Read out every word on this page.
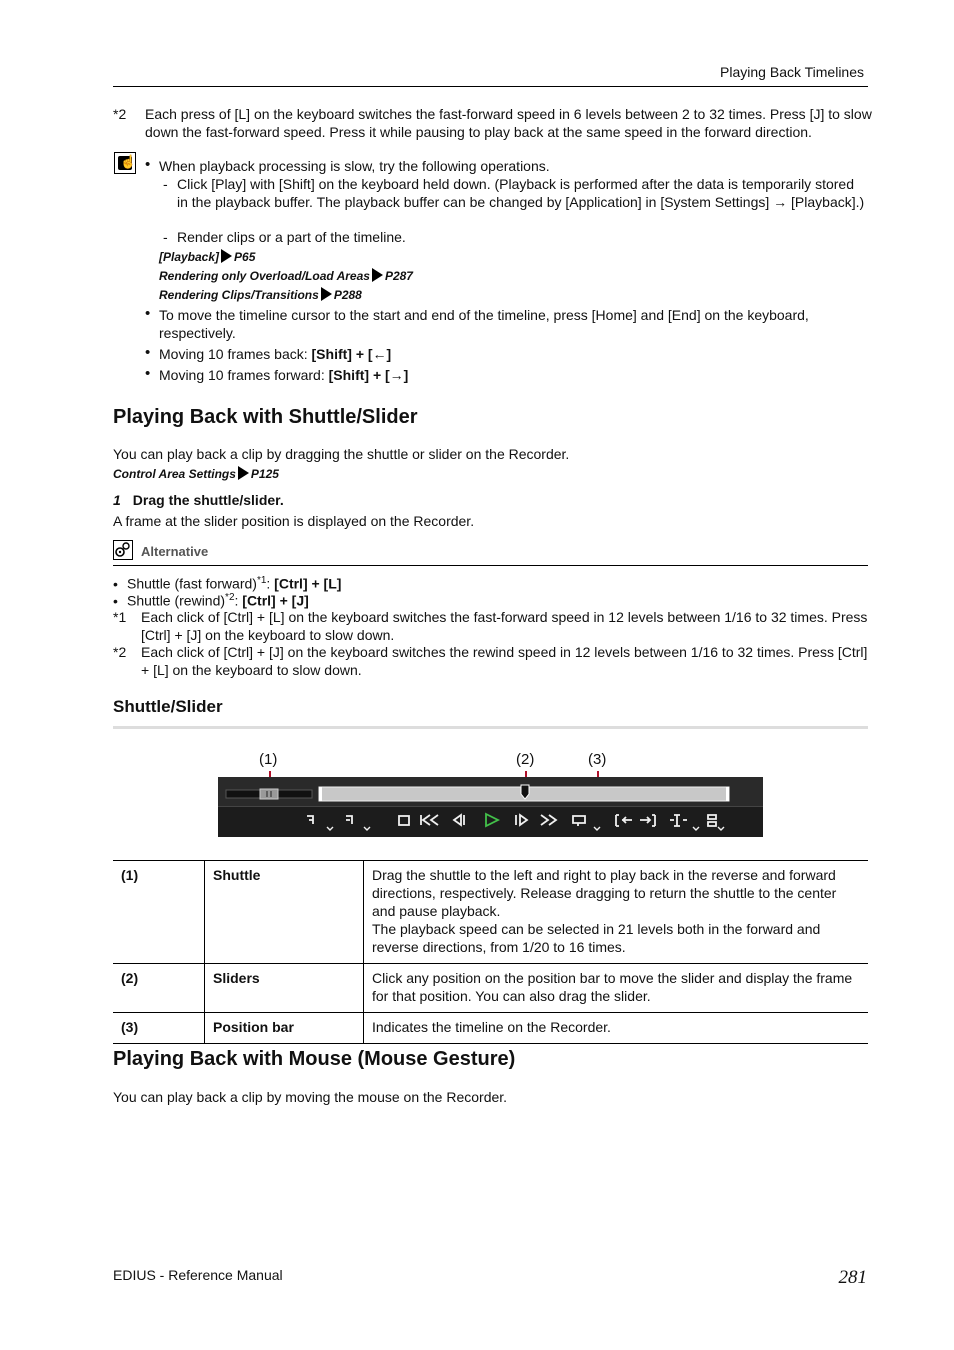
Playing Back Timelines
*2 Each press of [L] on the keyboard switches the fast-forward speed in 6 levels between 2 to 32 times. Press [J] to slow down the fast-forward speed. Press it while pausing to play back at the same speed in the forward direction.
☝
• When playback processing is slow, try the following operations.
- Click [Play] with [Shift] on the keyboard held down. (Playback is performed after the data is temporarily stored in the playback buffer. The playback buffer can be changed by [Application] in [System Settings] → [Playback].)
- Render clips or a part of the timeline.
[Playback] P65
Rendering only Overload/Load Areas P287
Rendering Clips/Transitions P288
• To move the timeline cursor to the start and end of the timeline, press [Home] and [End] on the keyboard, respectively.
• Moving 10 frames back: [Shift] + [←]
• Moving 10 frames forward: [Shift] + [→]
Playing Back with Shuttle/Slider
You can play back a clip by dragging the shuttle or slider on the Recorder.
Control Area Settings P125
1 Drag the shuttle/slider.
A frame at the slider position is displayed on the Recorder.
Alternative
• Shuttle (fast forward)$^{*1}$: [Ctrl] + [L]
• Shuttle (rewind)$^{*2}$: [Ctrl] + [J]
*1 Each click of [Ctrl] + [L] on the keyboard switches the fast-forward speed in 12 levels between 1/16 to 32 times. Press [Ctrl] + [J] on the keyboard to slow down.
*2 Each click of [Ctrl] + [J] on the keyboard switches the rewind speed in 12 levels between 1/16 to 32 times. Press [Ctrl] + [L] on the keyboard to slow down.
Shuttle/Slider
(1)	(2)	(3)
(1)	Shuttle	Drag the shuttle to the left and right to play back in the reverse and forward directions, respectively. Release dragging to return the shuttle to the center and pause playback.
The playback speed can be selected in 21 levels both in the forward and reverse directions, from 1/20 to 16 times.

(2)	Sliders	Click any position on the position bar to move the slider and display the frame for that position. You can also drag the slider.

(3)	Position bar	Indicates the timeline on the Recorder.
Playing Back with Mouse (Mouse Gesture)
You can play back a clip by moving the mouse on the Recorder.
EDIUS - Reference Manual	281
